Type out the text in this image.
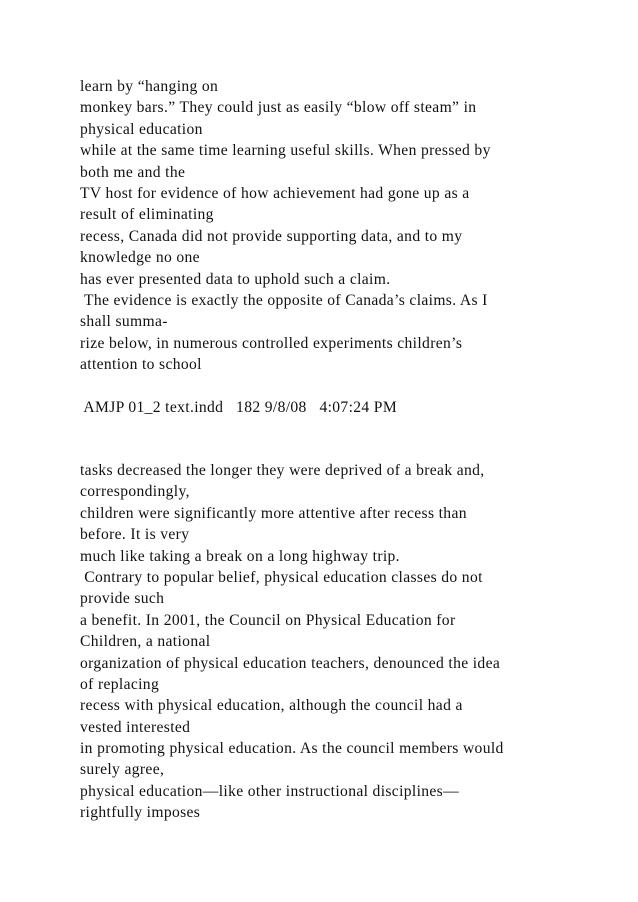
learn by “hanging on
monkey bars.” They could just as easily “blow off steam” in
physical education
while at the same time learning useful skills. When pressed by
both me and the
TV host for evidence of how achievement had gone up as a
result of eliminating
recess, Canada did not provide supporting data, and to my
knowledge no one
has ever presented data to uphold such a claim.
The evidence is exactly the opposite of Canada’s claims. As I
shall summa-
rize below, in numerous controlled experiments children’s
attention to school
AMJP 01_2 text.indd   182 9/8/08   4:07:24 PM
tasks decreased the longer they were deprived of a break and,
correspondingly,
children were significantly more attentive after recess than
before. It is very
much like taking a break on a long highway trip.
Contrary to popular belief, physical education classes do not
provide such
a benefit. In 2001, the Council on Physical Education for
Children, a national
organization of physical education teachers, denounced the idea
of replacing
recess with physical education, although the council had a
vested interested
in promoting physical education. As the council members would
surely agree,
physical education—like other instructional disciplines—
rightfully imposes
